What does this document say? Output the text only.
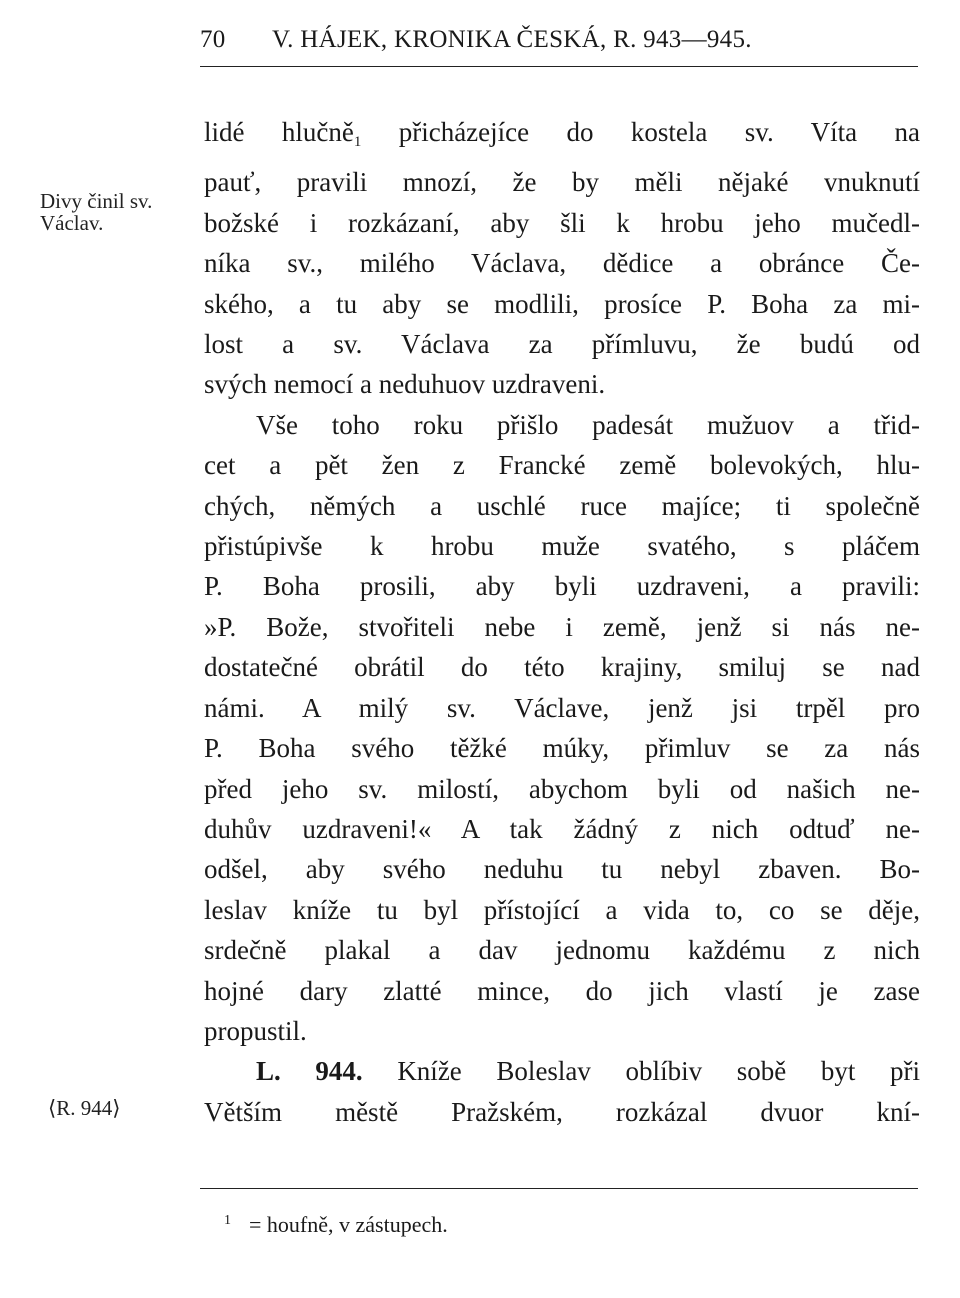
70 V. HÁJEK, KRONIKA ČESKÁ, R. 943—945.
Divy činil sv. Václav.
⟨R. 944⟩
lidé hlučně$_1$ přicházejíce do kostela sv. Víta na
pauť, pravili mnozí, že by měli nějaké vnuknutí
božské i rozkázaní, aby šli k hrobu jeho mučedl-
níka sv., milého Václava, dědice a obránce Če-
ského, a tu aby se modlili, prosíce P. Boha za mi-
lost a sv. Václava za přímluvu, že budú od
svých nemocí a neduhuov uzdraveni.
Vše toho roku přišlo padesát mužuov a třid-
cet a pět žen z Francké země bolevokých, hlu-
chých, němých a uschlé ruce majíce; ti společně
přistúpivše k hrobu muže svatého, s pláčem
P. Boha prosili, aby byli uzdraveni, a pravili:
»P. Bože, stvořiteli nebe i země, jenž si nás ne-
dostatečné obrátil do této krajiny, smiluj se nad
námi. A milý sv. Václave, jenž jsi trpěl pro
P. Boha svého těžké múky, přimluv se za nás
před jeho sv. milostí, abychom byli od našich ne-
duhův uzdraveni!« A tak žádný z nich odtuď ne-
odšel, aby svého neduhu tu nebyl zbaven. Bo-
leslav kníže tu byl přístojící a vida to, co se děje,
srdečně plakal a dav jednomu každému z nich
hojné dary zlatté mince, do jich vlastí je zase
propustil.
L. 944. Kníže Boleslav oblíbiv sobě byt při
Větším městě Pražském, rozkázal dvuor kní-
$^1$ = houfně, v zástupech.
